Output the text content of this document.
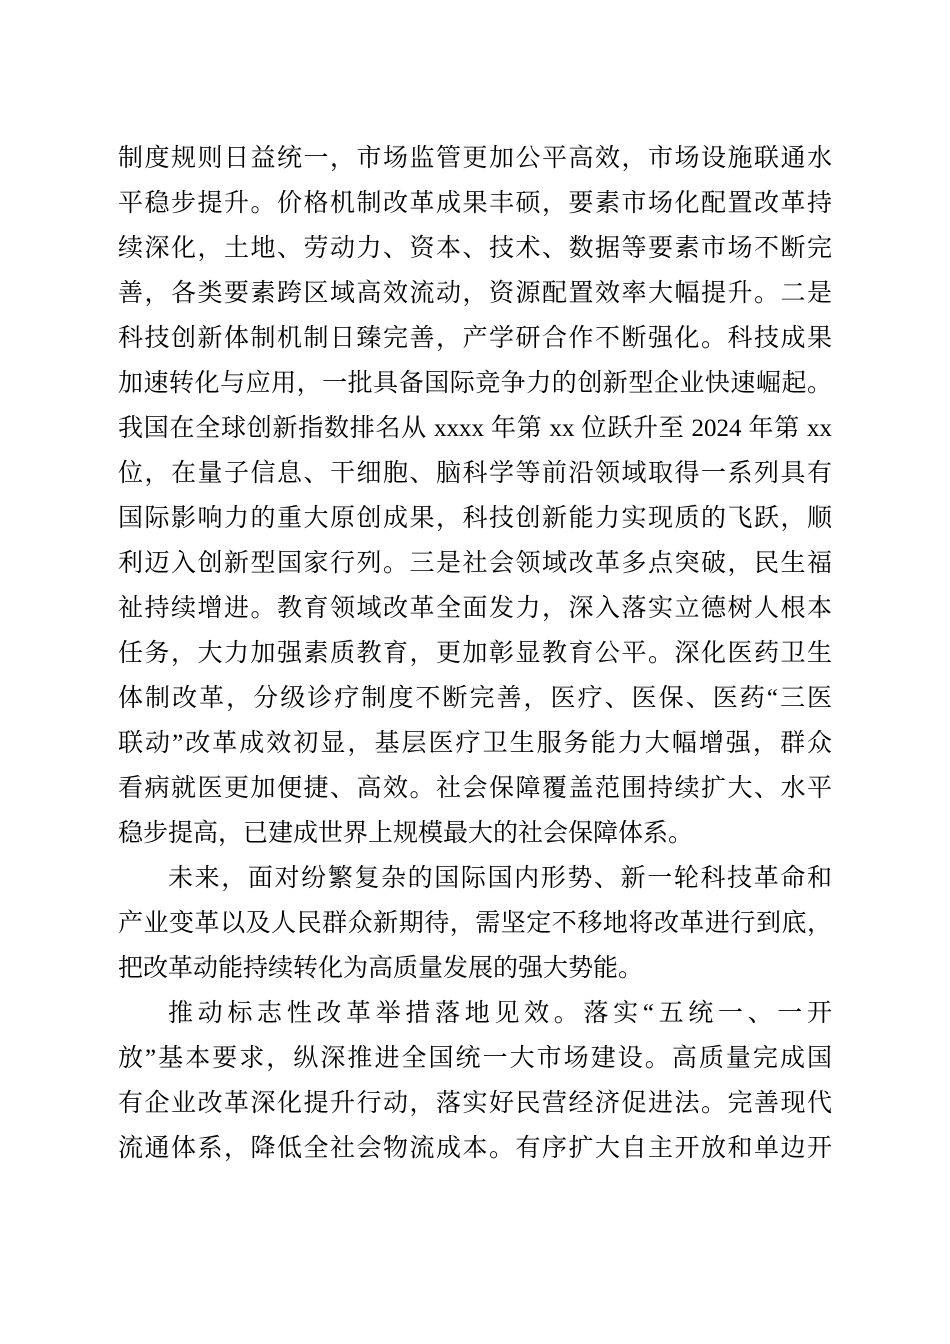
制度规则日益统一，市场监管更加公平高效，市场设施联通水
平稳步提升。价格机制改革成果丰硕，要素市场化配置改革持
续深化，土地、劳动力、资本、技术、数据等要素市场不断完
善，各类要素跨区域高效流动，资源配置效率大幅提升。二是
科技创新体制机制日臻完善，产学研合作不断强化。科技成果
加速转化与应用，一批具备国际竞争力的创新型企业快速崛起。
我国在全球创新指数排名从 xxxx 年第 xx 位跃升至 2024 年第 xx
位，在量子信息、干细胞、脑科学等前沿领域取得一系列具有
国际影响力的重大原创成果，科技创新能力实现质的飞跃，顺
利迈入创新型国家行列。三是社会领域改革多点突破，民生福
祉持续增进。教育领域改革全面发力，深入落实立德树人根本
任务，大力加强素质教育，更加彰显教育公平。深化医药卫生
体制改革，分级诊疗制度不断完善，医疗、医保、医药“三医
联动”改革成效初显，基层医疗卫生服务能力大幅增强，群众
看病就医更加便捷、高效。社会保障覆盖范围持续扩大、水平
稳步提高，已建成世界上规模最大的社会保障体系。
未来，面对纷繁复杂的国际国内形势、新一轮科技革命和
产业变革以及人民群众新期待，需坚定不移地将改革进行到底，
把改革动能持续转化为高质量发展的强大势能。
推动标志性改革举措落地见效。落实“五统一、一开
放”基本要求，纵深推进全国统一大市场建设。高质量完成国
有企业改革深化提升行动，落实好民营经济促进法。完善现代
流通体系，降低全社会物流成本。有序扩大自主开放和单边开
